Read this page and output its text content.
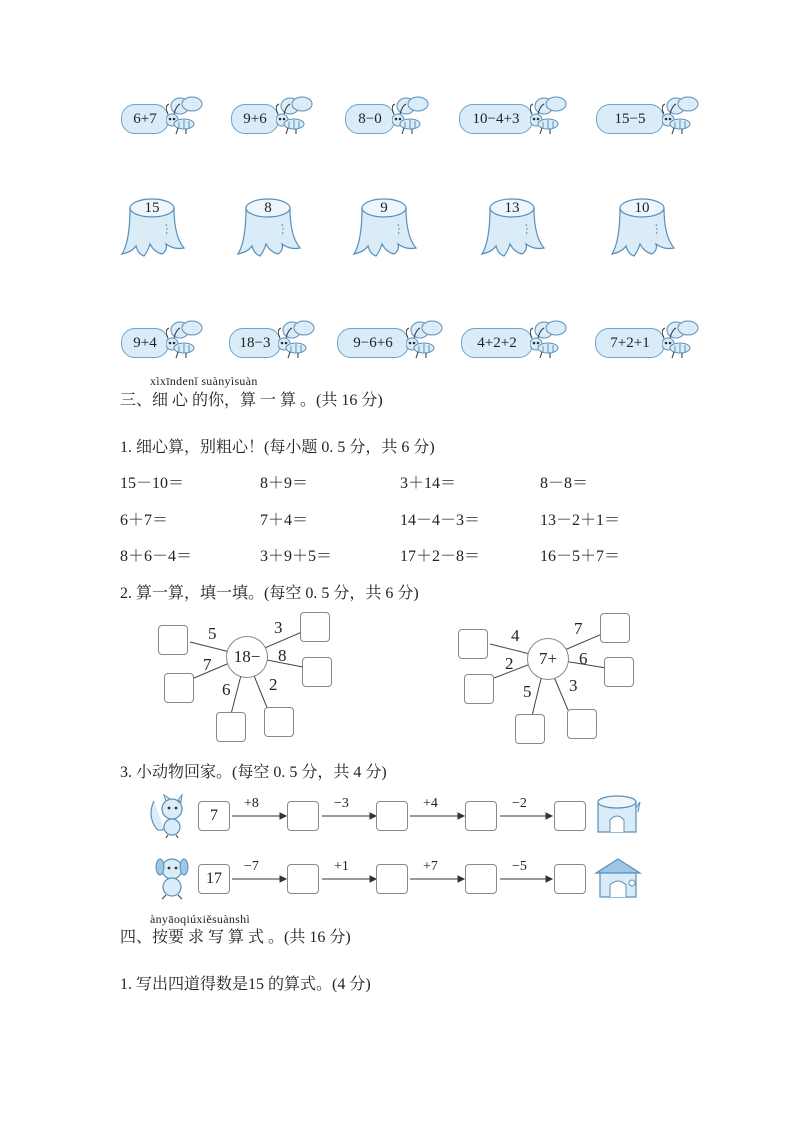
6+7	9+6	8−0	10−4+3	15−5
15	8	9	13	10
9+4	18−3	9−6+6	4+2+2	7+2+1
xìxīndenǐ suànyìsuàn
三、细 心 的你，算 一 算 。(共 16 分)
1. 细心算，别粗心！(每小题 0. 5 分，共 6 分)
15－10＝	8＋9＝	3＋14＝	8－8＝
6＋7＝	7＋4＝	14－4－3＝	13－2＋1＝
8＋6－4＝	3＋9＋5＝	17＋2－8＝	16－5＋7＝
2. 算一算，填一填。(每空 0. 5 分，共 6 分)
18−
5	3
7	8
6 2
7+
4	7
2	6
5 3
3. 小动物回家。(每空 0. 5 分，共 4 分)
7
+8	−3	+4	−2
17
−7	+1	+7	−5
ànyāoqiúxiěsuànshì
四、按要 求 写 算 式 。(共 16 分)
1. 写出四道得数是15 的算式。(4 分)
